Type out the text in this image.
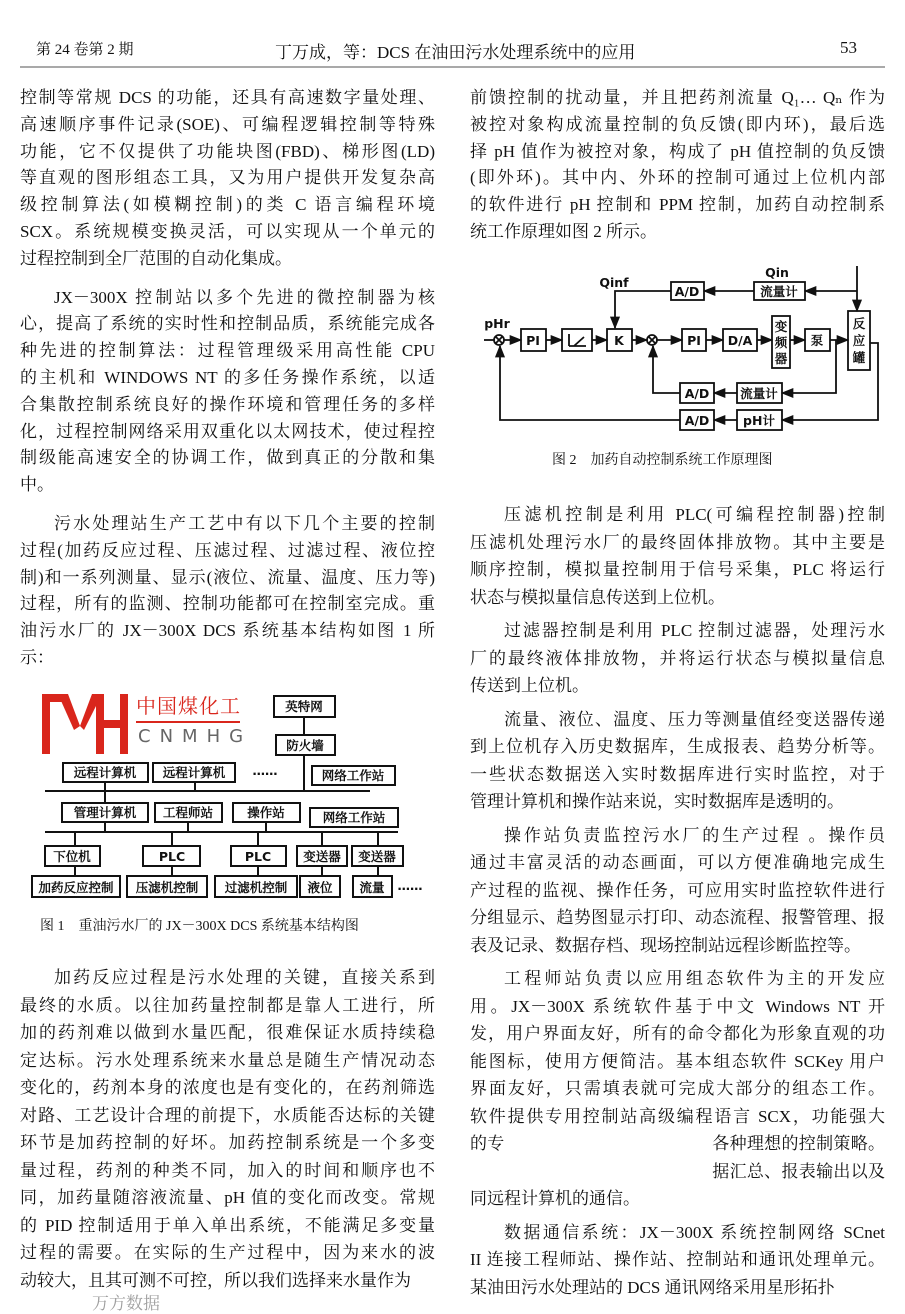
第 24 卷第 2 期	丁万成，等：DCS 在油田污水处理系统中的应用	53
控制等常规 DCS 的功能，还具有高速数字量处理、
高速顺序事件记录(SOE)、可编程逻辑控制等特殊
功能，它不仅提供了功能块图(FBD)、梯形图(LD)
等直观的图形组态工具，又为用户提供开发复杂高
级控制算法(如模糊控制)的类 C 语言编程环境
SCX。系统规模变换灵活，可以实现从一个单元的
过程控制到全厂范围的自动化集成。
JX－300X 控制站以多个先进的微控制器为核
心，提高了系统的实时性和控制品质，系统能完成各
种先进的控制算法：过程管理级采用高性能 CPU
的主机和 WINDOWS NT 的多任务操作系统，以适
合集散控制系统良好的操作环境和管理任务的多样
化，过程控制网络采用双重化以太网技术，使过程控
制级能高速安全的协调工作，做到真正的分散和集
中。
污水处理站生产工艺中有以下几个主要的控制
过程(加药反应过程、压滤过程、过滤过程、液位控
制)和一系列测量、显示(液位、流量、温度、压力等)
过程，所有的监测、控制功能都可在控制室完成。重
油污水厂的 JX－300X DCS 系统基本结构如图 1 所
示：
加药反应过程是污水处理的关键，直接关系到
最终的水质。以往加药量控制都是靠人工进行，所
加的药剂难以做到水量匹配，很难保证水质持续稳
定达标。污水处理系统来水量总是随生产情况动态
变化的，药剂本身的浓度也是有变化的，在药剂筛选
对路、工艺设计合理的前提下，水质能否达标的关键
环节是加药控制的好坏。加药控制系统是一个多变
量过程，药剂的种类不同，加入的时间和顺序也不
同，加药量随溶液流量、pH 值的变化而改变。常规
的 PID 控制适用于单入单出系统，不能满足多变量
过程的需要。在实际的生产过程中，因为来水的波
动较大，且其可测不可控，所以我们选择来水量作为
前馈控制的扰动量，并且把药剂流量 Q₁… Qₙ 作为
被控对象构成流量控制的负反馈(即内环)，最后选
择 pH 值作为被控对象，构成了 pH 值控制的负反馈
(即外环)。其中内、外环的控制可通过上位机内部
的软件进行 pH 控制和 PPM 控制，加药自动控制系
统工作原理如图 2 所示。
压滤机控制是利用 PLC(可编程控制器)控制
压滤机处理污水厂的最终固体排放物。其中主要是
顺序控制，模拟量控制用于信号采集，PLC 将运行
状态与模拟量信息传送到上位机。
过滤器控制是利用 PLC 控制过滤器，处理污水
厂的最终液体排放物，并将运行状态与模拟量信息
传送到上位机。
流量、液位、温度、压力等测量值经变送器传递
到上位机存入历史数据库，生成报表、趋势分析等。
一些状态数据送入实时数据库进行实时监控，对于
管理计算机和操作站来说，实时数据库是透明的。
操作站负责监控污水厂的生产过程 。操作员
通过丰富灵活的动态画面，可以方便准确地完成生
产过程的监视、操作任务，可应用实时监控软件进行
分组显示、趋势图显示打印、动态流程、报警管理、报
表及记录、数据存档、现场控制站远程诊断监控等。
工程师站负责以应用组态软件为主的开发应
用。JX－300X 系统软件基于中文 Windows NT 开
发，用户界面友好，所有的命令都化为形象直观的功
能图标，使用方便简洁。基本组态软件 SCKey 用户
界面友好，只需填表就可完成大部分的组态工作。
软件提供专用控制站高级编程语言 SCX，功能强大
的专　　　　　　　　　　　　各种理想的控制策略。
　　　　　　　　　　　　　　据汇总、报表输出以及
同远程计算机的通信。
数据通信系统：JX－300X 系统控制网络 SCnet
II 连接工程师站、操作站、控制站和通讯处理单元。
某油田污水处理站的 DCS 通讯网络采用星形拓扑
英特网
防火墙
远程计算机 远程计算机 ……	网络工作站
管理计算机 工程师站	操作站	网络工作站
下位机	PLC	PLC	变送器 变送器
加药反应控制 压滤机控制 过滤机控制 液位 流量 ……
pHr
Qinf
Qin
PI	K	PI D/A
变
频
器
泵
反
应
罐
A/D	流量计
A/D 流量计
A/D	pH计
图 1　重油污水厂的 JX－300X DCS 系统基本结构图
图 2　加药自动控制系统工作原理图
中国煤化工
CNMHG
万方数据
